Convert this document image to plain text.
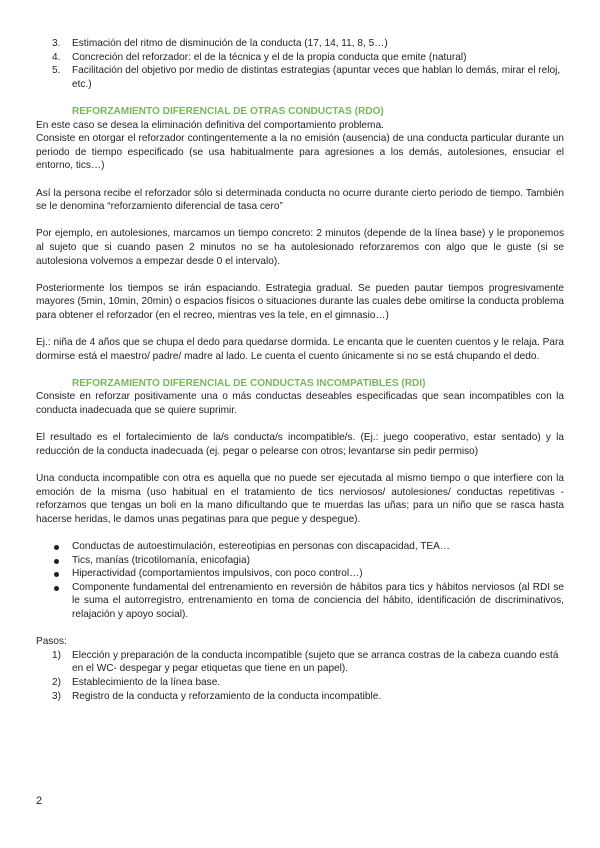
3. Estimación del ritmo de disminución de la conducta (17, 14, 11, 8, 5…)
4. Concreción del reforzador: el de la técnica y el de la propia conducta que emite (natural)
5. Facilitación del objetivo por medio de distintas estrategias (apuntar veces que hablan lo demás, mirar el reloj, etc.)
REFORZAMIENTO DIFERENCIAL DE OTRAS CONDUCTAS (RDO)

En este caso se desea la eliminación definitiva del comportamiento problema.

Consiste en otorgar el reforzador contingentemente a la no emisión (ausencia) de una conducta particular durante un periodo de tiempo especificado (se usa habitualmente para agresiones a los demás, autolesiones, ensuciar el entorno, tics…)

Así la persona recibe el reforzador sólo si determinada conducta no ocurre durante cierto periodo de tiempo. También se le denomina “reforzamiento diferencial de tasa cero”

Por ejemplo, en autolesiones, marcamos un tiempo concreto: 2 minutos (depende de la línea base) y le proponemos al sujeto que si cuando pasen 2 minutos no se ha autolesionado reforzaremos con algo que le guste (si se autolesiona volvemos a empezar desde 0 el intervalo).

Posteriormente los tiempos se irán espaciando. Estrategia gradual. Se pueden pautar tiempos progresivamente mayores (5min, 10min, 20min) o espacios físicos o situaciones durante las cuales debe omitirse la conducta problema para obtener el reforzador (en el recreo, mientras ves la tele, en el gimnasio…)

Ej.: niña de 4 años que se chupa el dedo para quedarse dormida. Le encanta que le cuenten cuentos y le relaja. Para dormirse está el maestro/ padre/ madre al lado. Le cuenta el cuento únicamente si no se está chupando el dedo.

REFORZAMIENTO DIFERENCIAL DE CONDUCTAS INCOMPATIBLES (RDI)

Consiste en reforzar positivamente una o más conductas deseables especificadas que sean incompatibles con la conducta inadecuada que se quiere suprimir.

El resultado es el fortalecimiento de la/s conducta/s incompatible/s. (Ej.: juego cooperativo, estar sentado) y la reducción de la conducta inadecuada (ej. pegar o pelearse con otros; levantarse sin pedir permiso)

Una conducta incompatible con otra es aquella que no puede ser ejecutada al mismo tiempo o que interfiere con la emoción de la misma (uso habitual en el tratamiento de tics nerviosos/ autolesiones/ conductas repetitivas - reforzamos que tengas un boli en la mano dificultando que te muerdas las uñas; para un niño que se rasca hasta hacerse heridas, le damos unas pegatinas para que pegue y despegue).

Conductas de autoestimulación, estereotipias en personas con discapacidad, TEA…
Tics, manías (tricotilomanía, enicofagia)
Hiperactividad (comportamientos impulsivos, con poco control…)
Componente fundamental del entrenamiento en reversión de hábitos para tics y hábitos nerviosos (al RDI se le suma el autorregistro, entrenamiento en toma de conciencia del hábito, identificación de discriminativos, relajación y apoyo social).

Pasos:

1) Elección y preparación de la conducta incompatible (sujeto que se arranca costras de la cabeza cuando está en el WC- despegar y pegar etiquetas que tiene en un papel).
2) Establecimiento de la línea base.
3) Registro de la conducta y reforzamiento de la conducta incompatible.
2
